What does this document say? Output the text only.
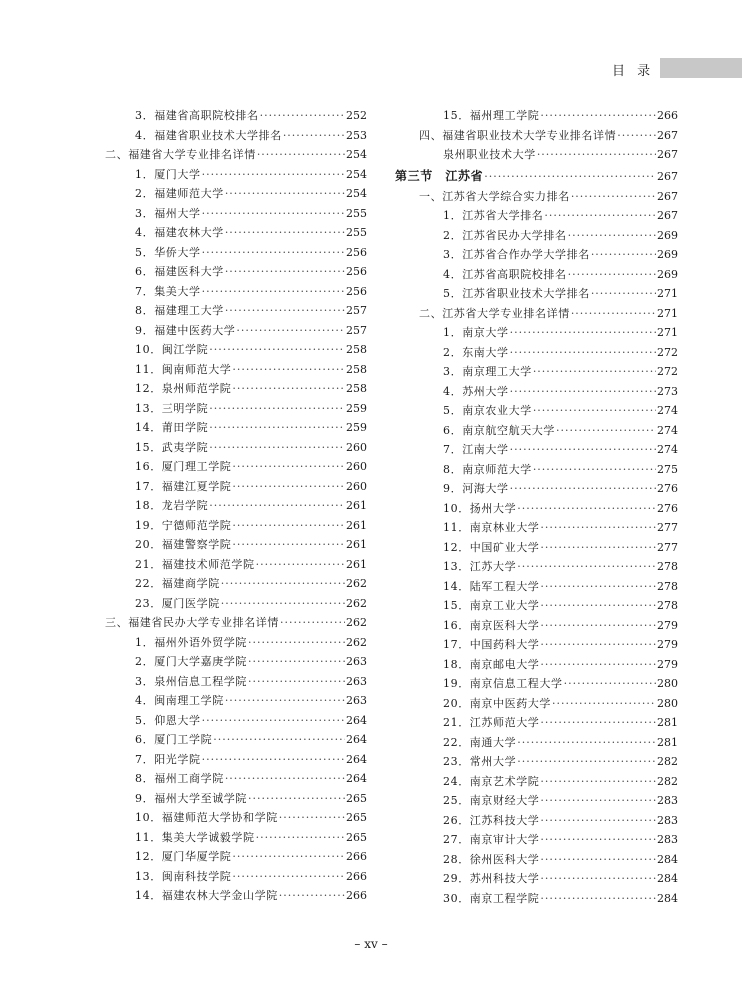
目 录
3．福建省高职院校排名 ·····	252
4．福建省职业技术大学排名 ·····	253
二、福建省大学专业排名详情 ·····	254
1．厦门大学 ·····	254
2．福建师范大学 ·····	254
3．福州大学 ·····	255
4．福建农林大学 ·····	255
5．华侨大学 ·····	256
6．福建医科大学 ·····	256
7．集美大学 ·····	256
8．福建理工大学 ·····	257
9．福建中医药大学 ·····	257
10．闽江学院 ·····	258
11．闽南师范大学 ·····	258
12．泉州师范学院 ·····	258
13．三明学院 ·····	259
14．莆田学院 ·····	259
15．武夷学院 ·····	260
16．厦门理工学院 ·····	260
17．福建江夏学院 ·····	260
18．龙岩学院 ·····	261
19．宁德师范学院 ·····	261
20．福建警察学院 ·····	261
21．福建技术师范学院 ·····	261
22．福建商学院 ·····	262
23．厦门医学院 ·····	262
三、福建省民办大学专业排名详情 ·····	262
1．福州外语外贸学院 ·····	262
2．厦门大学嘉庚学院 ·····	263
3．泉州信息工程学院 ·····	263
4．闽南理工学院 ·····	263
5．仰恩大学 ·····	264
6．厦门工学院 ·····	264
7．阳光学院 ·····	264
8．福州工商学院 ·····	264
9．福州大学至诚学院 ·····	265
10．福建师范大学协和学院 ·····	265
11．集美大学诚毅学院 ·····	265
12．厦门华厦学院 ·····	266
13．闽南科技学院 ·····	266
14．福建农林大学金山学院 ·····	266
15．福州理工学院 ·····	266
四、福建省职业技术大学专业排名详情 ·····	267
泉州职业技术大学 ·····	267
第三节　江苏省 ·····	267
一、江苏省大学综合实力排名 ·····	267
1．江苏省大学排名 ·····	267
2．江苏省民办大学排名 ·····	269
3．江苏省合作办学大学排名 ·····	269
4．江苏省高职院校排名 ·····	269
5．江苏省职业技术大学排名 ·····	271
二、江苏省大学专业排名详情 ·····	271
1．南京大学 ·····	271
2．东南大学 ·····	272
3．南京理工大学 ·····	272
4．苏州大学 ·····	273
5．南京农业大学 ·····	274
6．南京航空航天大学 ·····	274
7．江南大学 ·····	274
8．南京师范大学 ·····	275
9．河海大学 ·····	276
10．扬州大学 ·····	276
11．南京林业大学 ·····	277
12．中国矿业大学 ·····	277
13．江苏大学 ·····	278
14．陆军工程大学 ·····	278
15．南京工业大学 ·····	278
16．南京医科大学 ·····	279
17．中国药科大学 ·····	279
18．南京邮电大学 ·····	279
19．南京信息工程大学 ·····	280
20．南京中医药大学 ·····	280
21．江苏师范大学 ·····	281
22．南通大学 ·····	281
23．常州大学 ·····	282
24．南京艺术学院 ·····	282
25．南京财经大学 ·····	283
26．江苏科技大学 ·····	283
27．南京审计大学 ·····	283
28．徐州医科大学 ·····	284
29．苏州科技大学 ·····	284
30．南京工程学院 ·····	284
– xv –
